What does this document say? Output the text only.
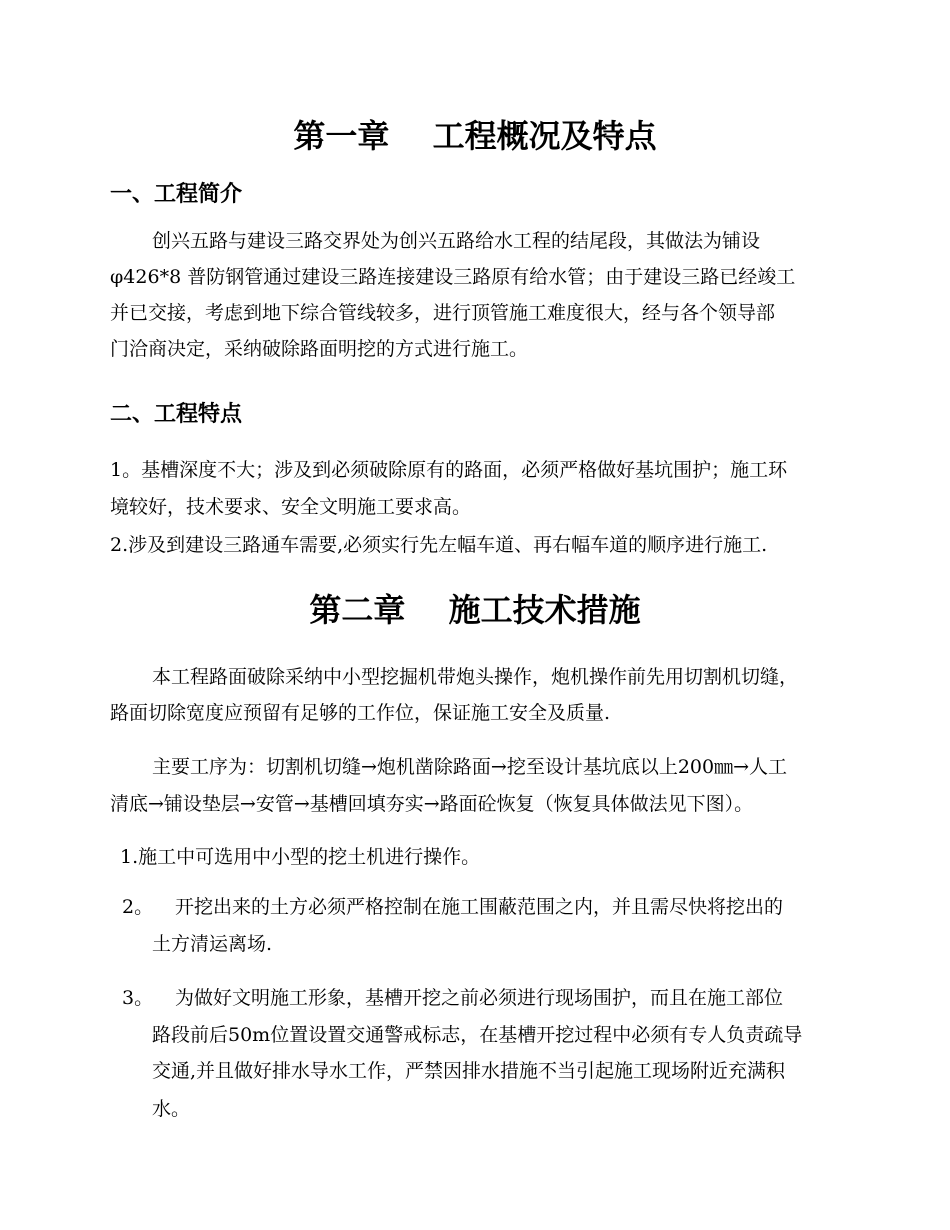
第一章　 工程概况及特点
一、工程简介
创兴五路与建设三路交界处为创兴五路给水工程的结尾段，其做法为铺设
φ426*8 普防钢管通过建设三路连接建设三路原有给水管；由于建设三路已经竣工
并已交接，考虑到地下综合管线较多，进行顶管施工难度很大，经与各个领导部
门洽商决定，采纳破除路面明挖的方式进行施工。
二、工程特点
1。基槽深度不大；涉及到必须破除原有的路面，必须严格做好基坑围护；施工环
境较好，技术要求、安全文明施工要求高。
2.涉及到建设三路通车需要,必须实行先左幅车道、再右幅车道的顺序进行施工.
第二章　 施工技术措施
本工程路面破除采纳中小型挖掘机带炮头操作，炮机操作前先用切割机切缝，
路面切除宽度应预留有足够的工作位，保证施工安全及质量.
主要工序为：切割机切缝→炮机凿除路面→挖至设计基坑底以上200㎜→人工
清底→铺设垫层→安管→基槽回填夯实→路面砼恢复（恢复具体做法见下图）。
1.施工中可选用中小型的挖土机进行操作。
2。 开挖出来的土方必须严格控制在施工围蔽范围之内，并且需尽快将挖出的
土方清运离场.
3。 为做好文明施工形象，基槽开挖之前必须进行现场围护，而且在施工部位
路段前后50m位置设置交通警戒标志，在基槽开挖过程中必须有专人负责疏导
交通,并且做好排水导水工作，严禁因排水措施不当引起施工现场附近充满积
水。
